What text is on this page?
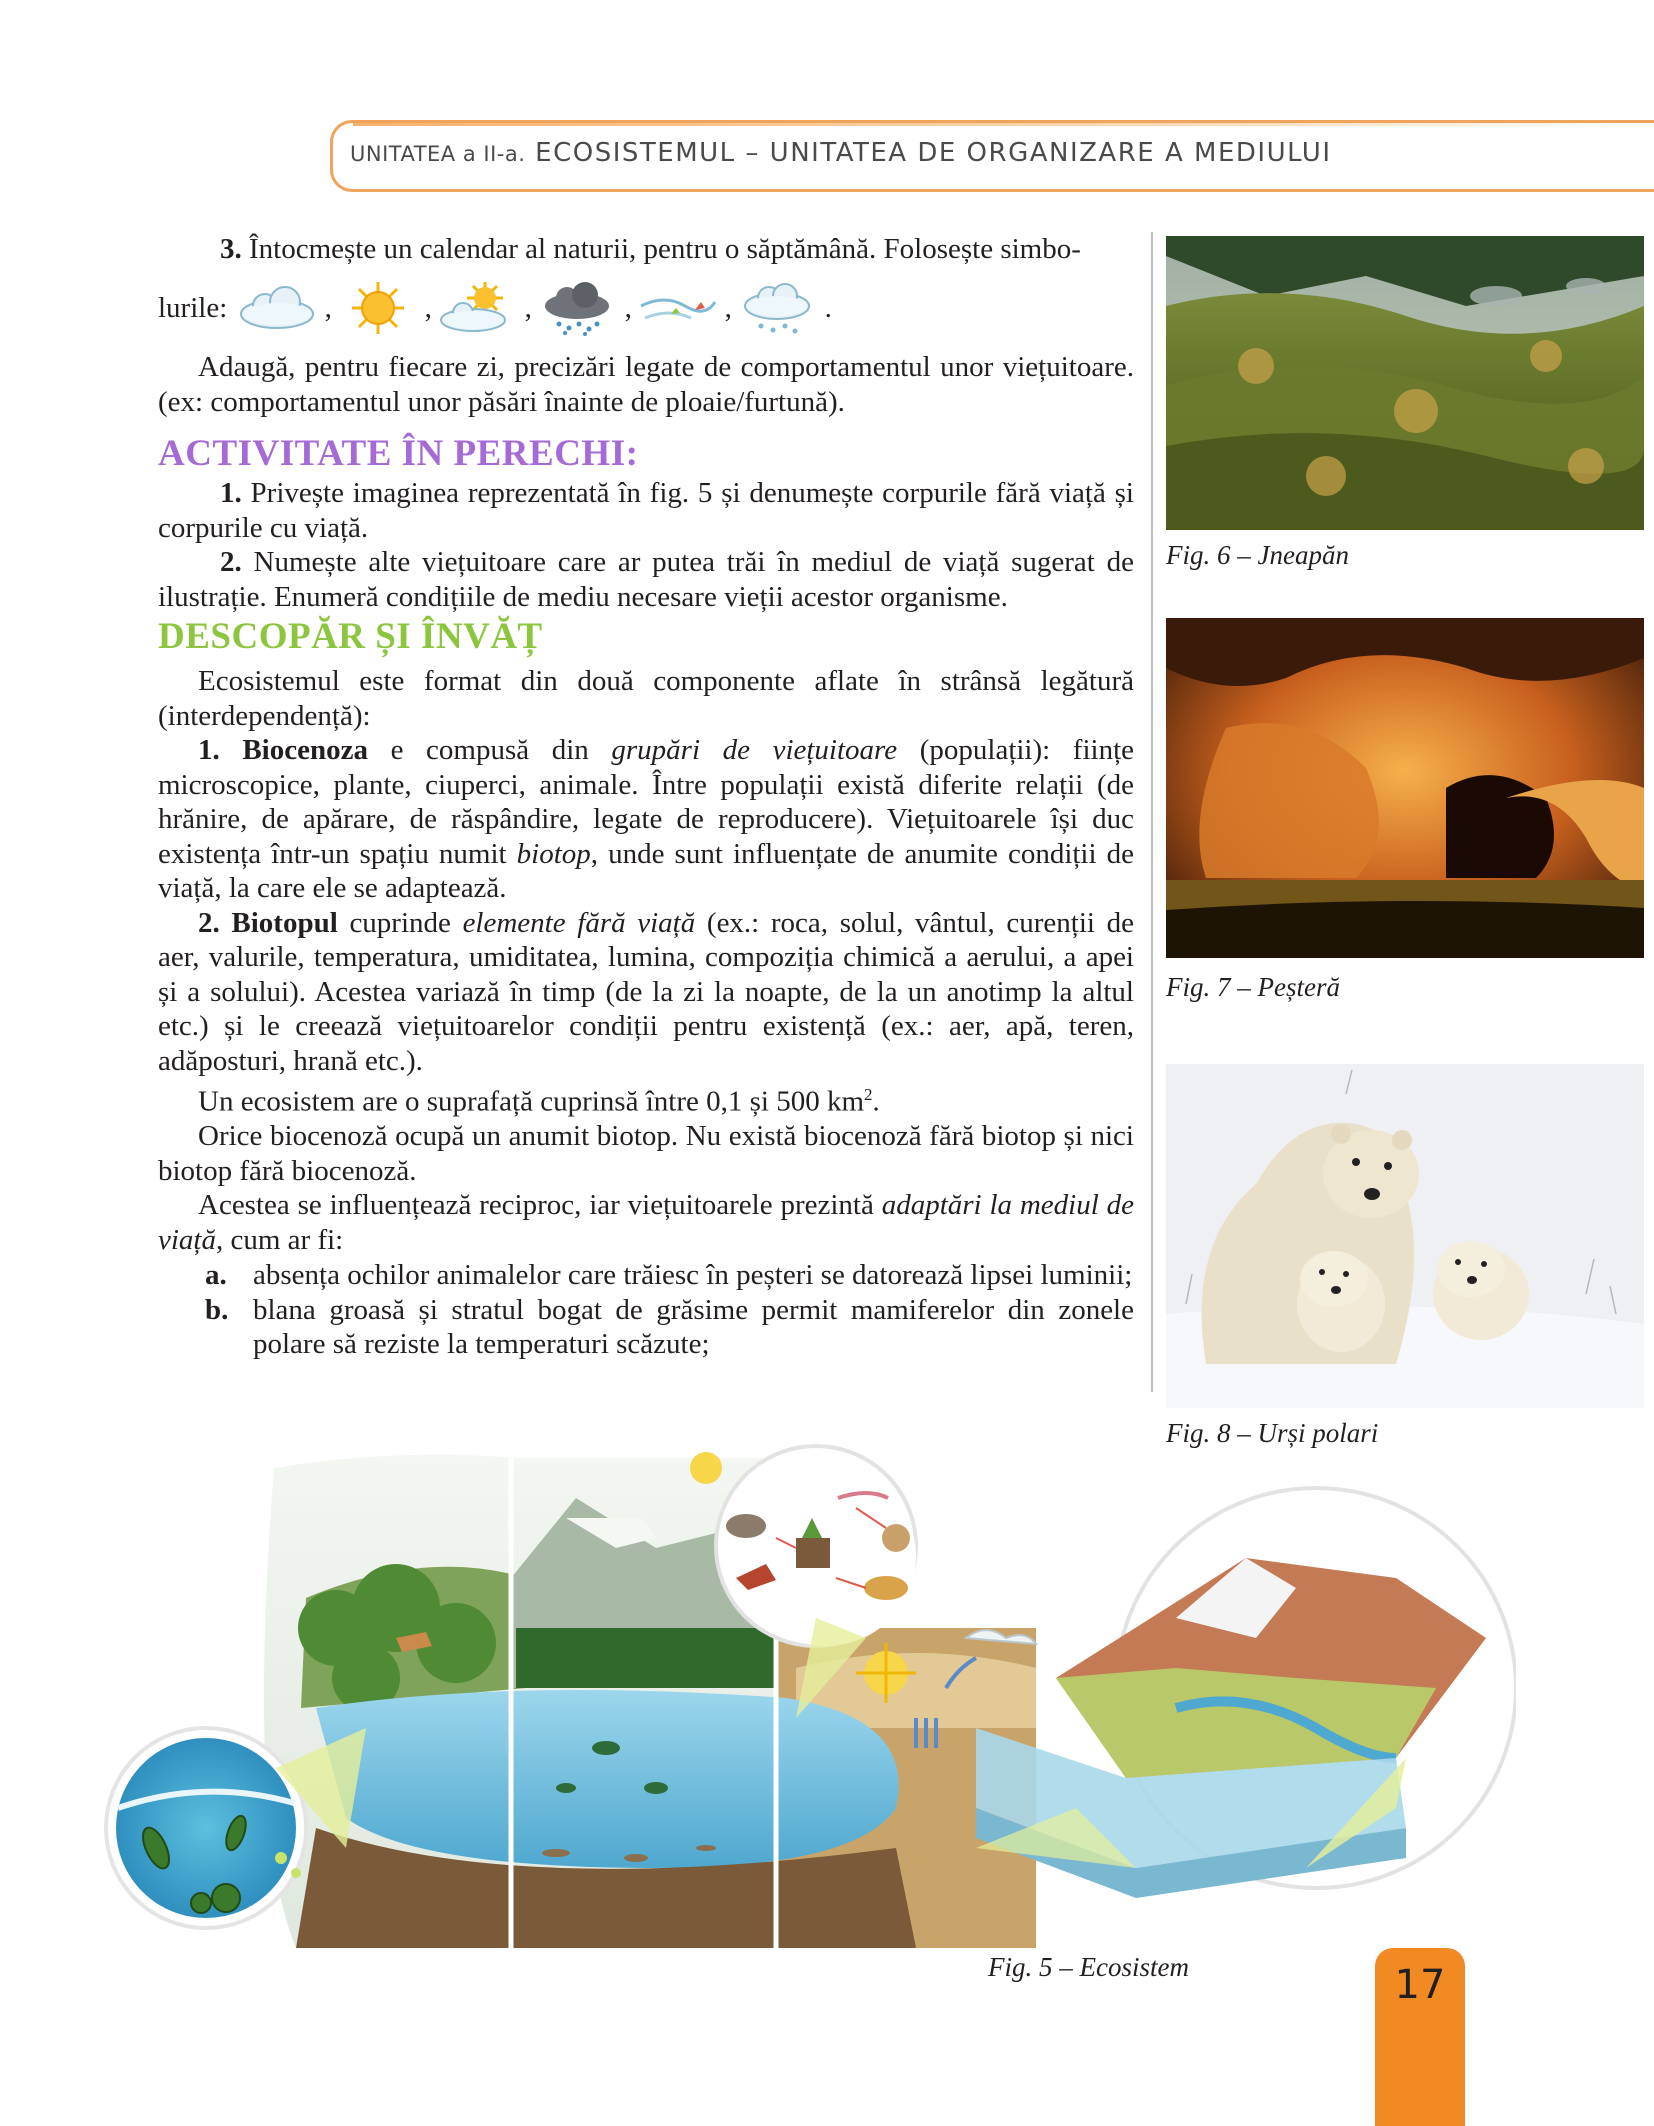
UNITATEA a II-a. ECOSISTEMUL – UNITATEA DE ORGANIZARE A MEDIULUI

3. Întocmește un calendar al naturii, pentru o săptămână. Folosește simbo-

lurile:	,	,	,	,	,	.

Adaugă, pentru fiecare zi, precizări legate de comportamentul unor viețuitoare. (ex: comportamentul unor păsări înainte de ploaie/furtună).

ACTIVITATE ÎN PERECHI:

1. Privește imaginea reprezentată în fig. 5 și denumește corpurile fără viață și corpurile cu viață.

2. Numește alte viețuitoare care ar putea trăi în mediul de viață sugerat de ilustrație. Enumeră condițiile de mediu necesare vieții acestor organisme.

DESCOPĂR ȘI ÎNVĂȚ

Ecosistemul este format din două componente aflate în strânsă legătură (interdependență):

1. Biocenoza e compusă din grupări de viețuitoare (populații): ființe microscopice, plante, ciuperci, animale. Între populații există diferite relații (de hrănire, de apărare, de răspândire, legate de reproducere). Viețuitoarele își duc existența într-un spațiu numit biotop, unde sunt influențate de anumite condiții de viață, la care ele se adaptează.

2. Biotopul cuprinde elemente fără viață (ex.: roca, solul, vântul, curenții de aer, valurile, temperatura, umiditatea, lumina, compoziția chimică a aerului, a apei și a solului). Acestea variază în timp (de la zi la noapte, de la un anotimp la altul etc.) și le creează viețuitoarelor condiții pentru existență (ex.: aer, apă, teren, adăposturi, hrană etc.).

Un ecosistem are o suprafață cuprinsă între 0,1 și 500 $km^2$.

Orice biocenoză ocupă un anumit biotop. Nu există biocenoză fără biotop și nici biotop fără biocenoză.

Acestea se influențează reciproc, iar viețuitoarele prezintă adaptări la mediul de viață, cum ar fi:

a. absența ochilor animalelor care trăiesc în peșteri se datorează lipsei luminii;
b. blana groasă și stratul bogat de grăsime permit mamiferelor din zonele polare să reziste la temperaturi scăzute;
Fig. 6 – Jneapăn
Fig. 7 – Peșteră
Fig. 8 – Urși polari
Fig. 5 – Ecosistem	17
